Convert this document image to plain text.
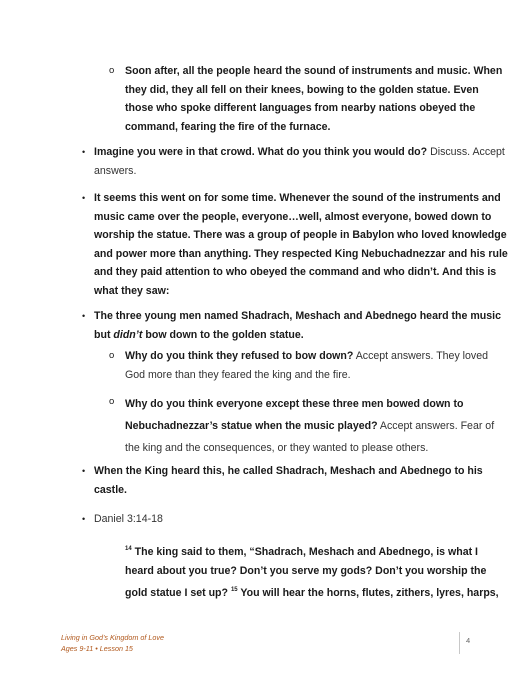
o Soon after, all the people heard the sound of instruments and music. When
they did, they all fell on their knees, bowing to the golden statue. Even
those who spoke different languages from nearby nations obeyed the
command, fearing the fire of the furnace.
• Imagine you were in that crowd. What do you think you would do? Discuss. Accept
answers.
• It seems this went on for some time. Whenever the sound of the instruments and
music came over the people, everyone…well, almost everyone, bowed down to
worship the statue. There was a group of people in Babylon who loved knowledge
and power more than anything. They respected King Nebuchadnezzar and his rule
and they paid attention to who obeyed the command and who didn’t. And this is
what they saw:
• The three young men named Shadrach, Meshach and Abednego heard the music
but didn’t bow down to the golden statue.
o Why do you think they refused to bow down? Accept answers. They loved
God more than they feared the king and the fire.
o Why do you think everyone except these three men bowed down to
Nebuchadnezzar’s statue when the music played? Accept answers. Fear of
the king and the consequences, or they wanted to please others.
• When the King heard this, he called Shadrach, Meshach and Abednego to his
castle.
• Daniel 3:14-18
$^{14}$ The king said to them, “Shadrach, Meshach and Abednego, is what I
heard about you true? Don’t you serve my gods? Don’t you worship the
gold statue I set up? $^{15}$ You will hear the horns, flutes, zithers, lyres, harps,
Living in God’s Kingdom of Love
Ages 9-11 • Lesson 15
4
